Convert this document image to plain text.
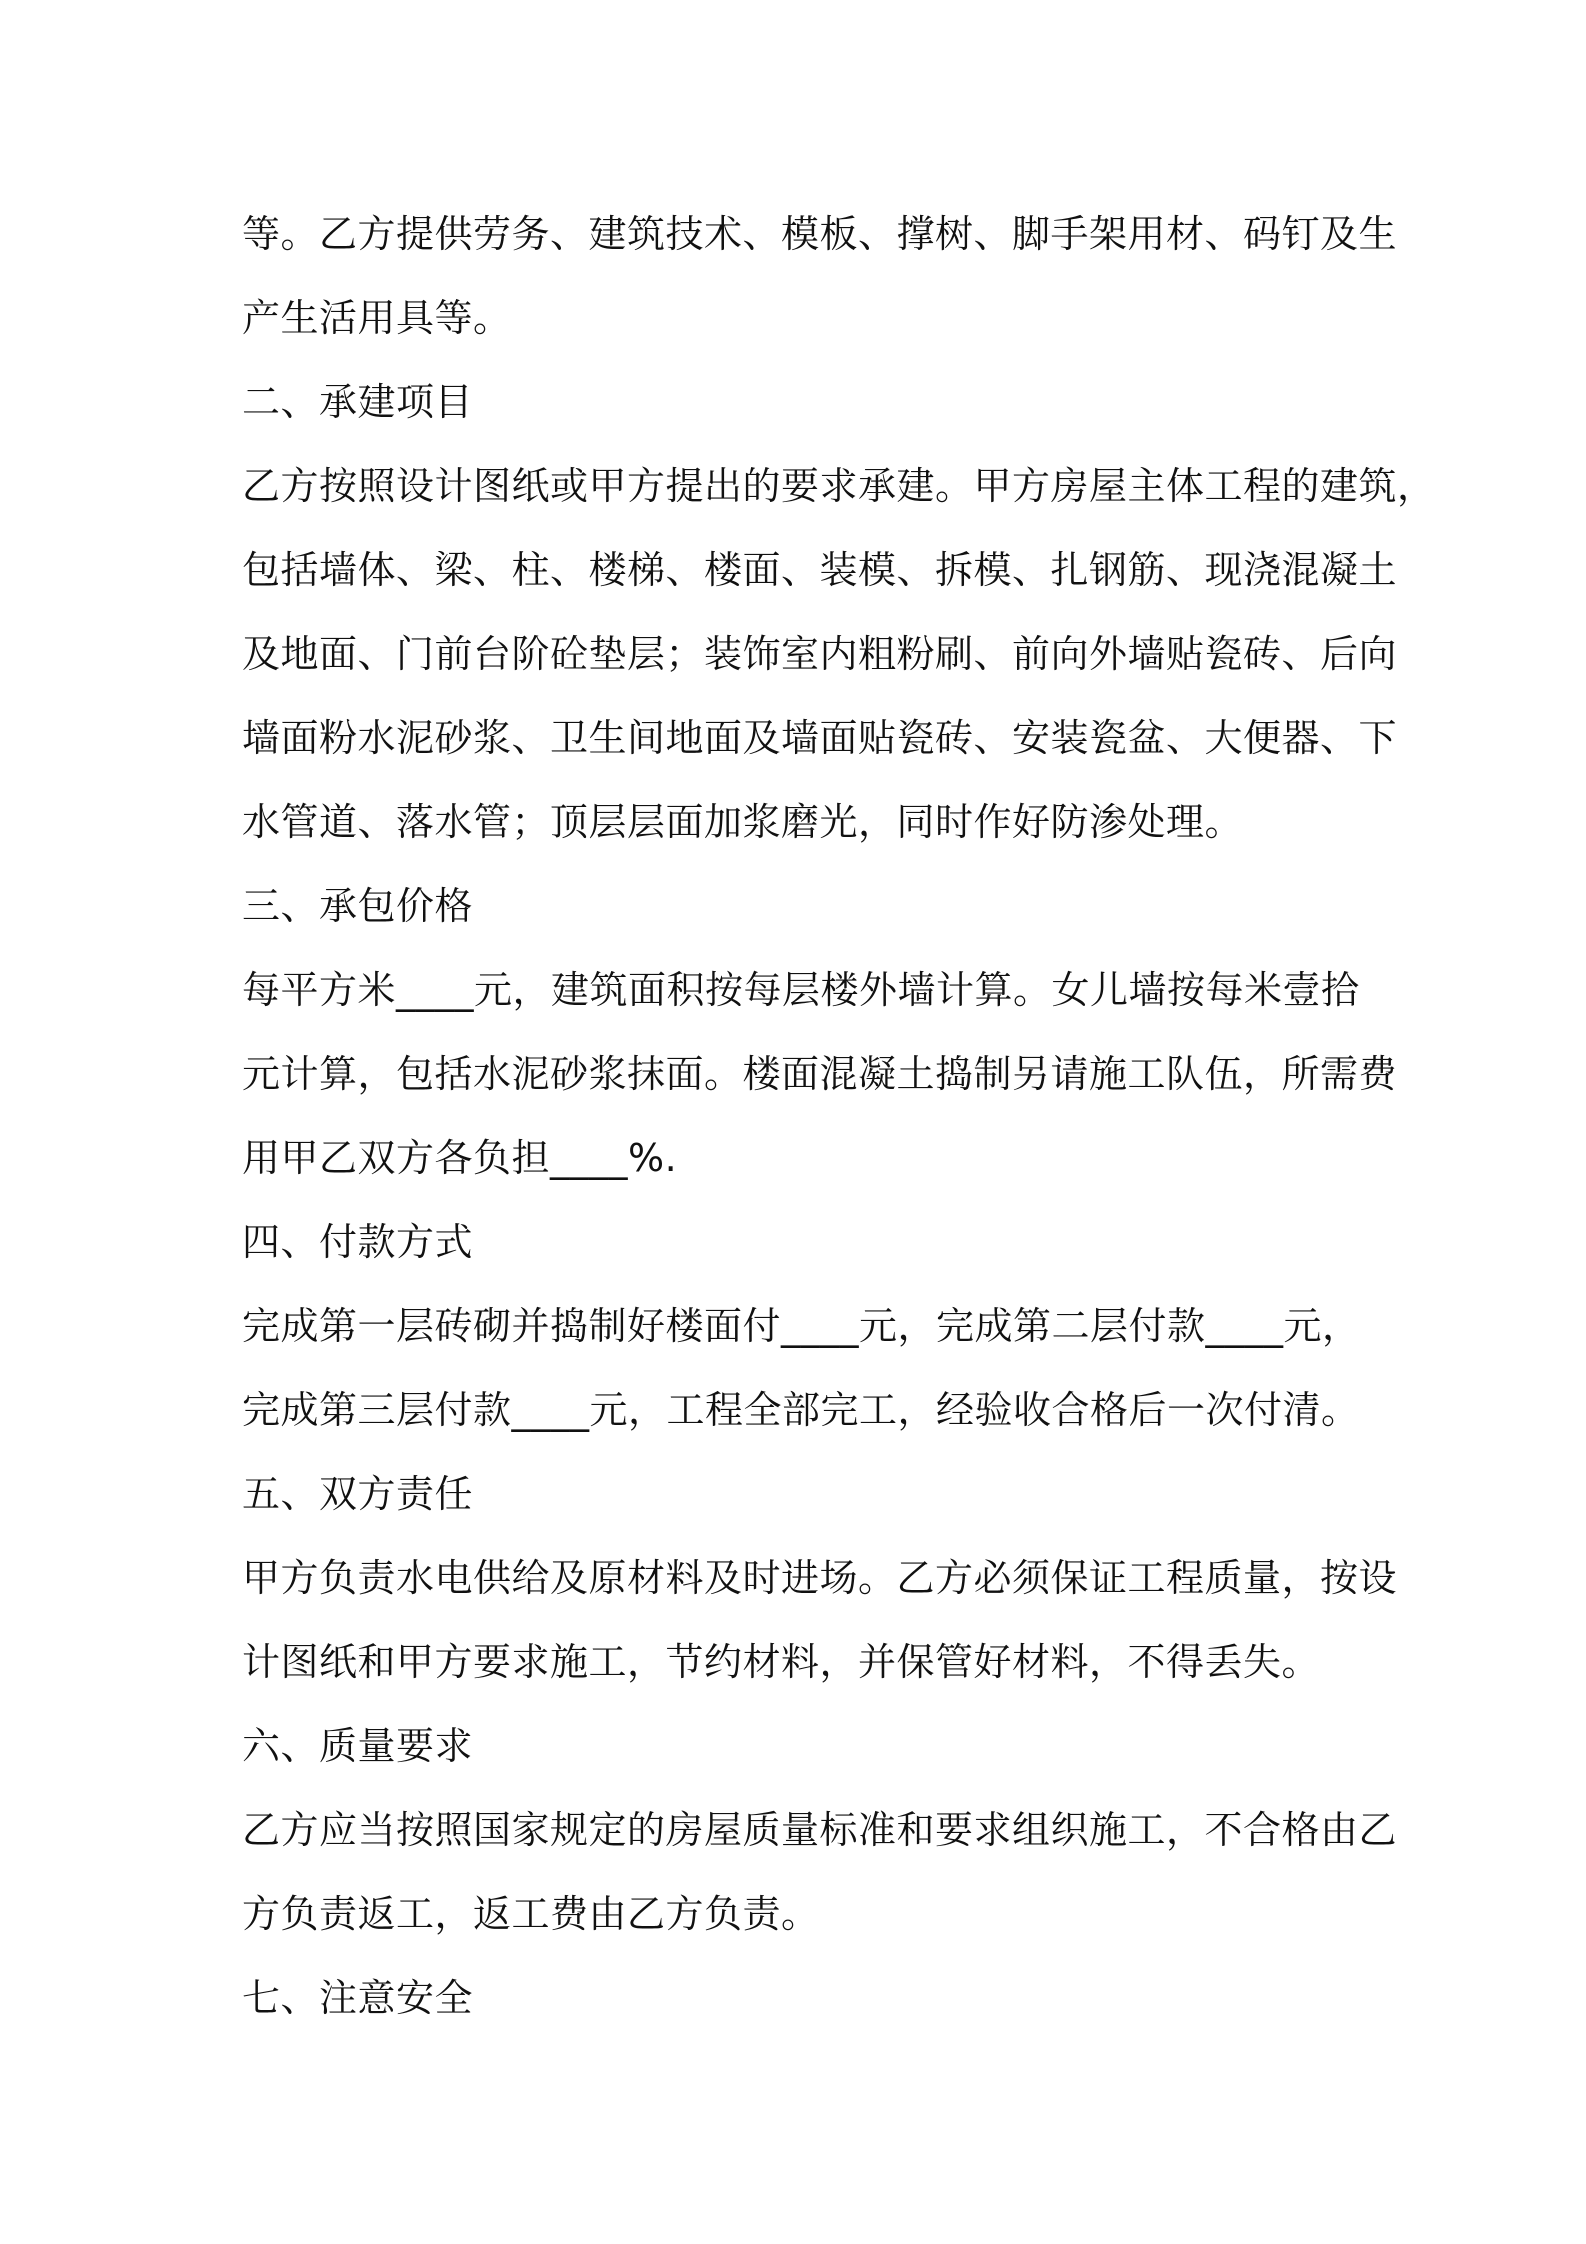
等。乙方提供劳务、建筑技术、模板、撑树、脚手架用材、码钉及生
产生活用具等。
二、承建项目
乙方按照设计图纸或甲方提出的要求承建。甲方房屋主体工程的建筑，
包括墙体、梁、柱、楼梯、楼面、装模、拆模、扎钢筋、现浇混凝土
及地面、门前台阶砼垫层；装饰室内粗粉刷、前向外墙贴瓷砖、后向
墙面粉水泥砂浆、卫生间地面及墙面贴瓷砖、安装瓷盆、大便器、下
水管道、落水管；顶层层面加浆磨光，同时作好防渗处理。
三、承包价格
每平方米____元，建筑面积按每层楼外墙计算。女儿墙按每米壹拾
元计算，包括水泥砂浆抹面。楼面混凝土捣制另请施工队伍，所需费
用甲乙双方各负担____%.
四、付款方式
完成第一层砖砌并捣制好楼面付____元，完成第二层付款____元，
完成第三层付款____元，工程全部完工，经验收合格后一次付清。
五、双方责任
甲方负责水电供给及原材料及时进场。乙方必须保证工程质量，按设
计图纸和甲方要求施工，节约材料，并保管好材料，不得丢失。
六、质量要求
乙方应当按照国家规定的房屋质量标准和要求组织施工，不合格由乙
方负责返工，返工费由乙方负责。
七、注意安全
